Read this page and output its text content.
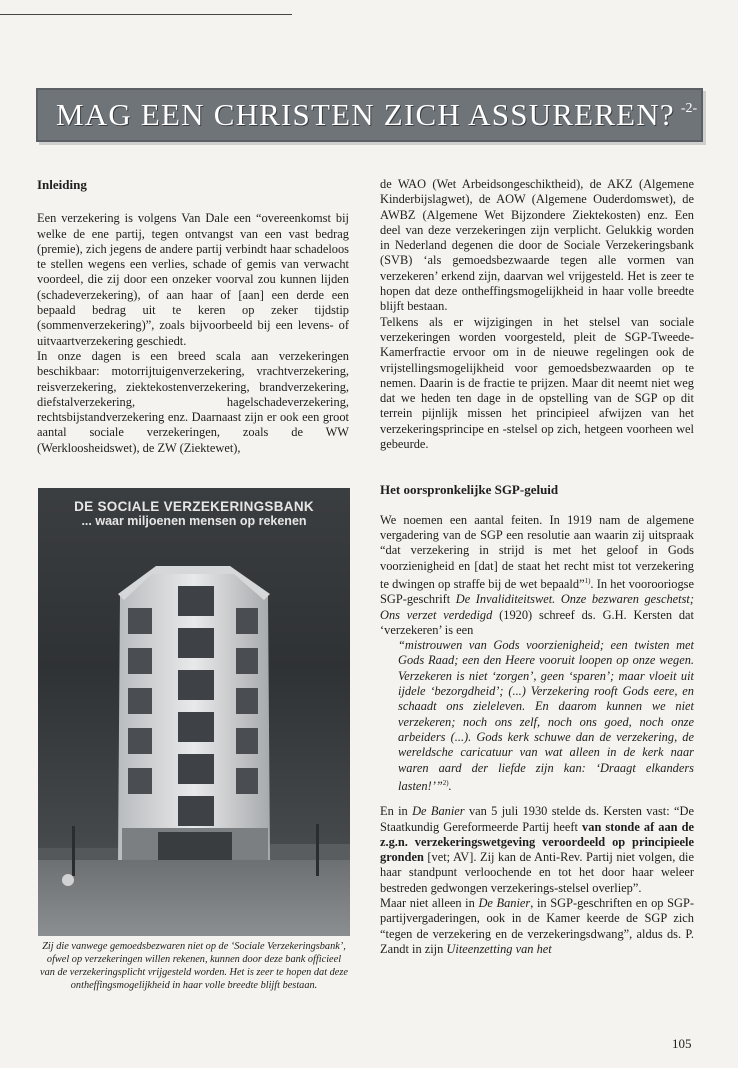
MAG EEN CHRISTEN ZICH ASSUREREN? -2-

Inleiding

Een verzekering is volgens Van Dale een “overeenkomst bij welke de ene partij, tegen ontvangst van een vast bedrag (premie), zich jegens de andere partij verbindt haar schadeloos te stellen wegens een verlies, schade of gemis van verwacht voordeel, die zij door een onzeker voorval zou kunnen lijden (schadeverzekering), of aan haar of [aan] een derde een bepaald bedrag uit te keren op zeker tijdstip (sommenverzekering)”, zoals bijvoorbeeld bij een levens- of uitvaartverzekering geschiedt.

In onze dagen is een breed scala aan verzekeringen beschikbaar: motorrijtuigenverzekering, vrachtverzekering, reisverzekering, ziektekostenverzekering, brandverzekering, diefstalverzekering, hagelschadeverzekering, rechtsbijstandverzekering enz. Daarnaast zijn er ook een groot aantal sociale verzekeringen, zoals de WW (Werkloosheidswet), de ZW (Ziektewet),

DE SOCIALE VERZEKERINGSBANK
... waar miljoenen mensen op rekenen
Zij die vanwege gemoedsbezwaren niet op de ‘Sociale Verzekeringsbank’, ofwel op verzekeringen willen rekenen, kunnen door deze bank officieel van de verzekeringsplicht vrijgesteld worden. Het is zeer te hopen dat deze ontheffingsmogelijkheid in haar volle breedte blijft bestaan.

de WAO (Wet Arbeidsongeschiktheid), de AKZ (Algemene Kinderbijslagwet), de AOW (Algemene Ouderdomswet), de AWBZ (Algemene Wet Bijzondere Ziektekosten) enz. Een deel van deze verzekeringen zijn verplicht. Gelukkig worden in Nederland degenen die door de Sociale Verzekeringsbank (SVB) ‘als gemoedsbezwaarde tegen alle vormen van verzekeren’ erkend zijn, daarvan wel vrijgesteld. Het is zeer te hopen dat deze ontheffingsmogelijkheid in haar volle breedte blijft bestaan.

Telkens als er wijzigingen in het stelsel van sociale verzekeringen worden voorgesteld, pleit de SGP-Tweede-Kamerfractie ervoor om in de nieuwe regelingen ook de vrijstellingsmogelijkheid voor gemoedsbezwaarden op te nemen. Daarin is de fractie te prijzen. Maar dit neemt niet weg dat we heden ten dage in de opstelling van de SGP op dit terrein pijnlijk missen het principieel afwijzen van het verzekeringsprincipe en -stelsel op zich, hetgeen voorheen wel gebeurde.

Het oorspronkelijke SGP-geluid

We noemen een aantal feiten. In 1919 nam de algemene vergadering van de SGP een resolutie aan waarin zij uitspraak “dat verzekering in strijd is met het geloof in Gods voorzienigheid en [dat] de staat het recht mist tot verzekering te dwingen op straffe bij de wet bepaald”$^{1)}$. In het voorooriogse SGP-geschrift De Invaliditeitswet. Onze bezwaren geschetst; Ons verzet verdedigd (1920) schreef ds. G.H. Kersten dat ‘verzekeren’ is een

“mistrouwen van Gods voorzienigheid; een twisten met Gods Raad; een den Heere vooruit loopen op onze wegen. Verzekeren is niet ‘zorgen’, geen ‘sparen’; maar vloeit uit ijdele ‘bezorgdheid’; (...) Verzekering rooft Gods eere, en schaadt ons zieleleven. En daarom kunnen we niet verzekeren; noch ons zelf, noch ons goed, noch onze arbeiders (...). Gods kerk schuwe dan de verzekering, de wereldsche caricatuur van wat alleen in de kerk naar waren aard der liefde zijn kan: ‘Draagt elkanders lasten!’”$^{2)}$.

En in De Banier van 5 juli 1930 stelde ds. Kersten vast: “De Staatkundig Gereformeerde Partij heeft van stonde af aan de z.g.n. verzekeringswetgeving veroordeeld op principieele gronden [vet; AV]. Zij kan de Anti-Rev. Partij niet volgen, die haar standpunt verloochende en tot het door haar weleer bestreden gedwongen verzekerings-stelsel overliep”.

Maar niet alleen in De Banier, in SGP-geschriften en op SGP-partijvergaderingen, ook in de Kamer keerde de SGP zich “tegen de verzekering en de verzekeringsdwang”, aldus ds. P. Zandt in zijn Uiteenzetting van het

105
